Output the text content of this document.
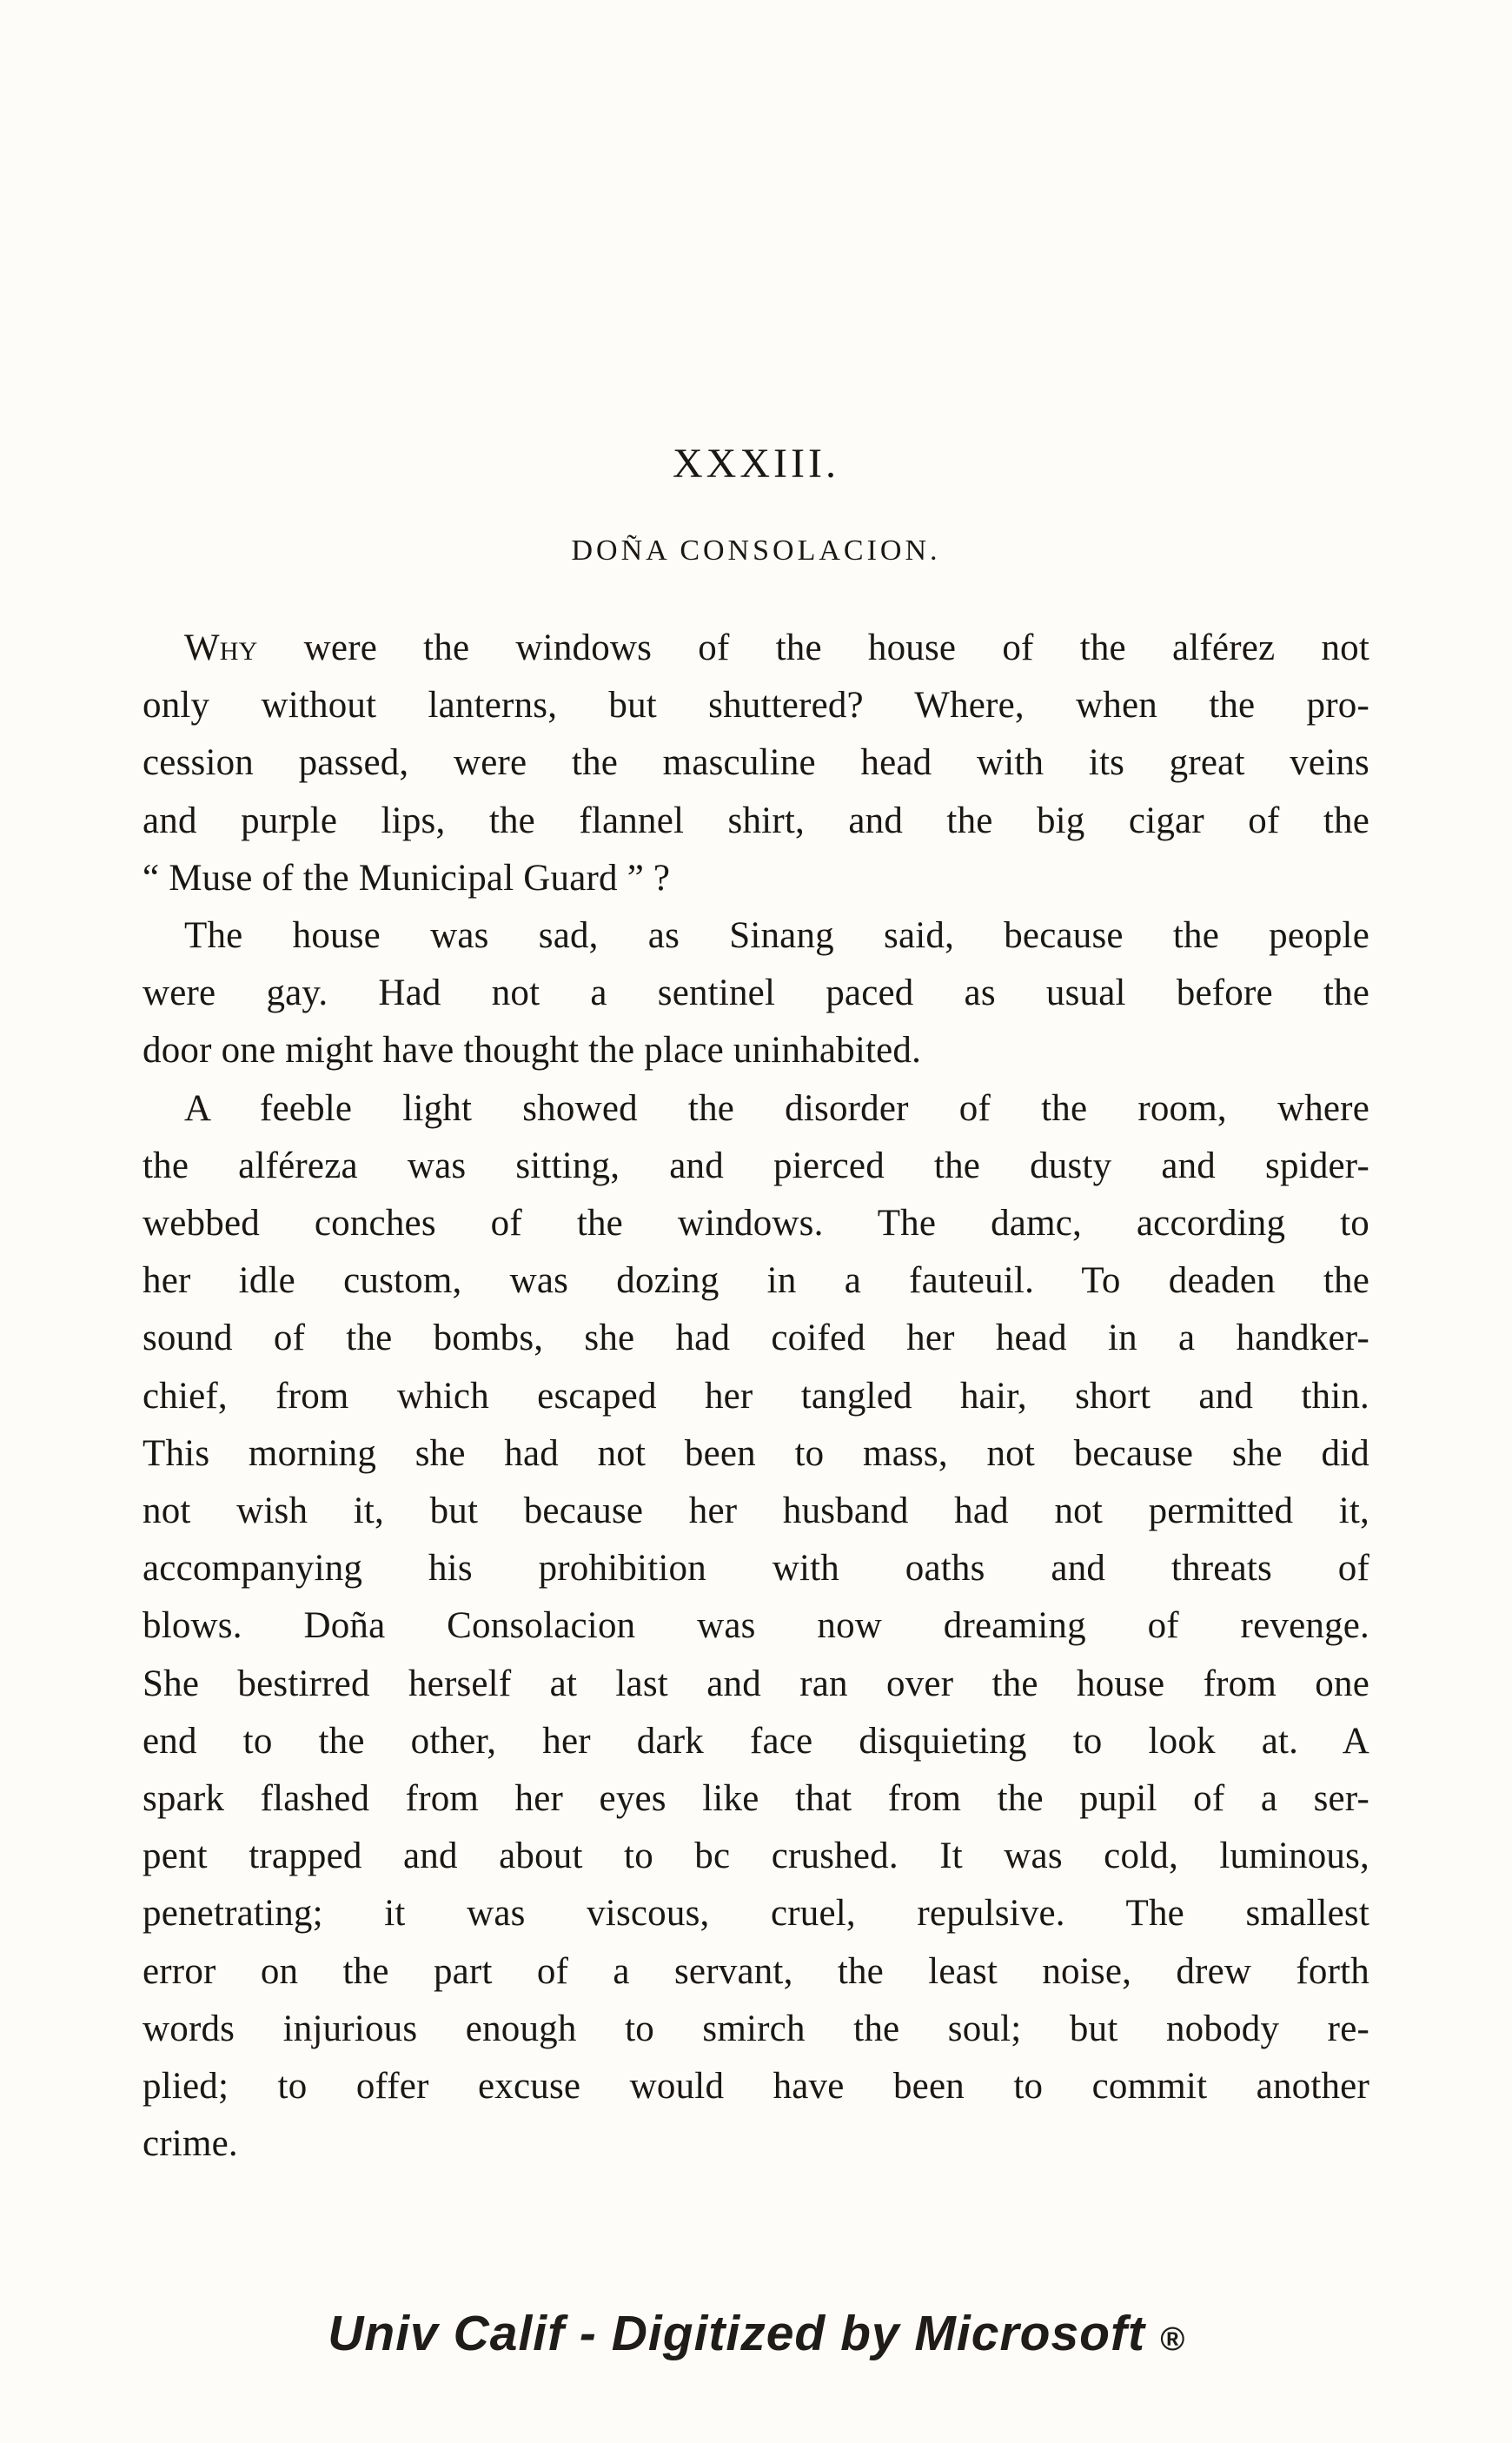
XXXIII.
DOÑA CONSOLACION.
Why were the windows of the house of the alférez not
only without lanterns, but shuttered? Where, when the pro-
cession passed, were the masculine head with its great veins
and purple lips, the flannel shirt, and the big cigar of the
“ Muse of the Municipal Guard ” ?
The house was sad, as Sinang said, because the people
were gay. Had not a sentinel paced as usual before the
door one might have thought the place uninhabited.
A feeble light showed the disorder of the room, where
the alféreza was sitting, and pierced the dusty and spider-
webbed conches of the windows. The damc, according to
her idle custom, was dozing in a fauteuil. To deaden the
sound of the bombs, she had coifed her head in a handker-
chief, from which escaped her tangled hair, short and thin.
This morning she had not been to mass, not because she did
not wish it, but because her husband had not permitted it,
accompanying his prohibition with oaths and threats of
blows. Doña Consolacion was now dreaming of revenge.
She bestirred herself at last and ran over the house from one
end to the other, her dark face disquieting to look at. A
spark flashed from her eyes like that from the pupil of a ser-
pent trapped and about to bc crushed. It was cold, luminous,
penetrating; it was viscous, cruel, repulsive. The smallest
error on the part of a servant, the least noise, drew forth
words injurious enough to smirch the soul; but nobody re-
plied; to offer excuse would have been to commit another
crime.
Univ Calif - Digitized by Microsoft ®
